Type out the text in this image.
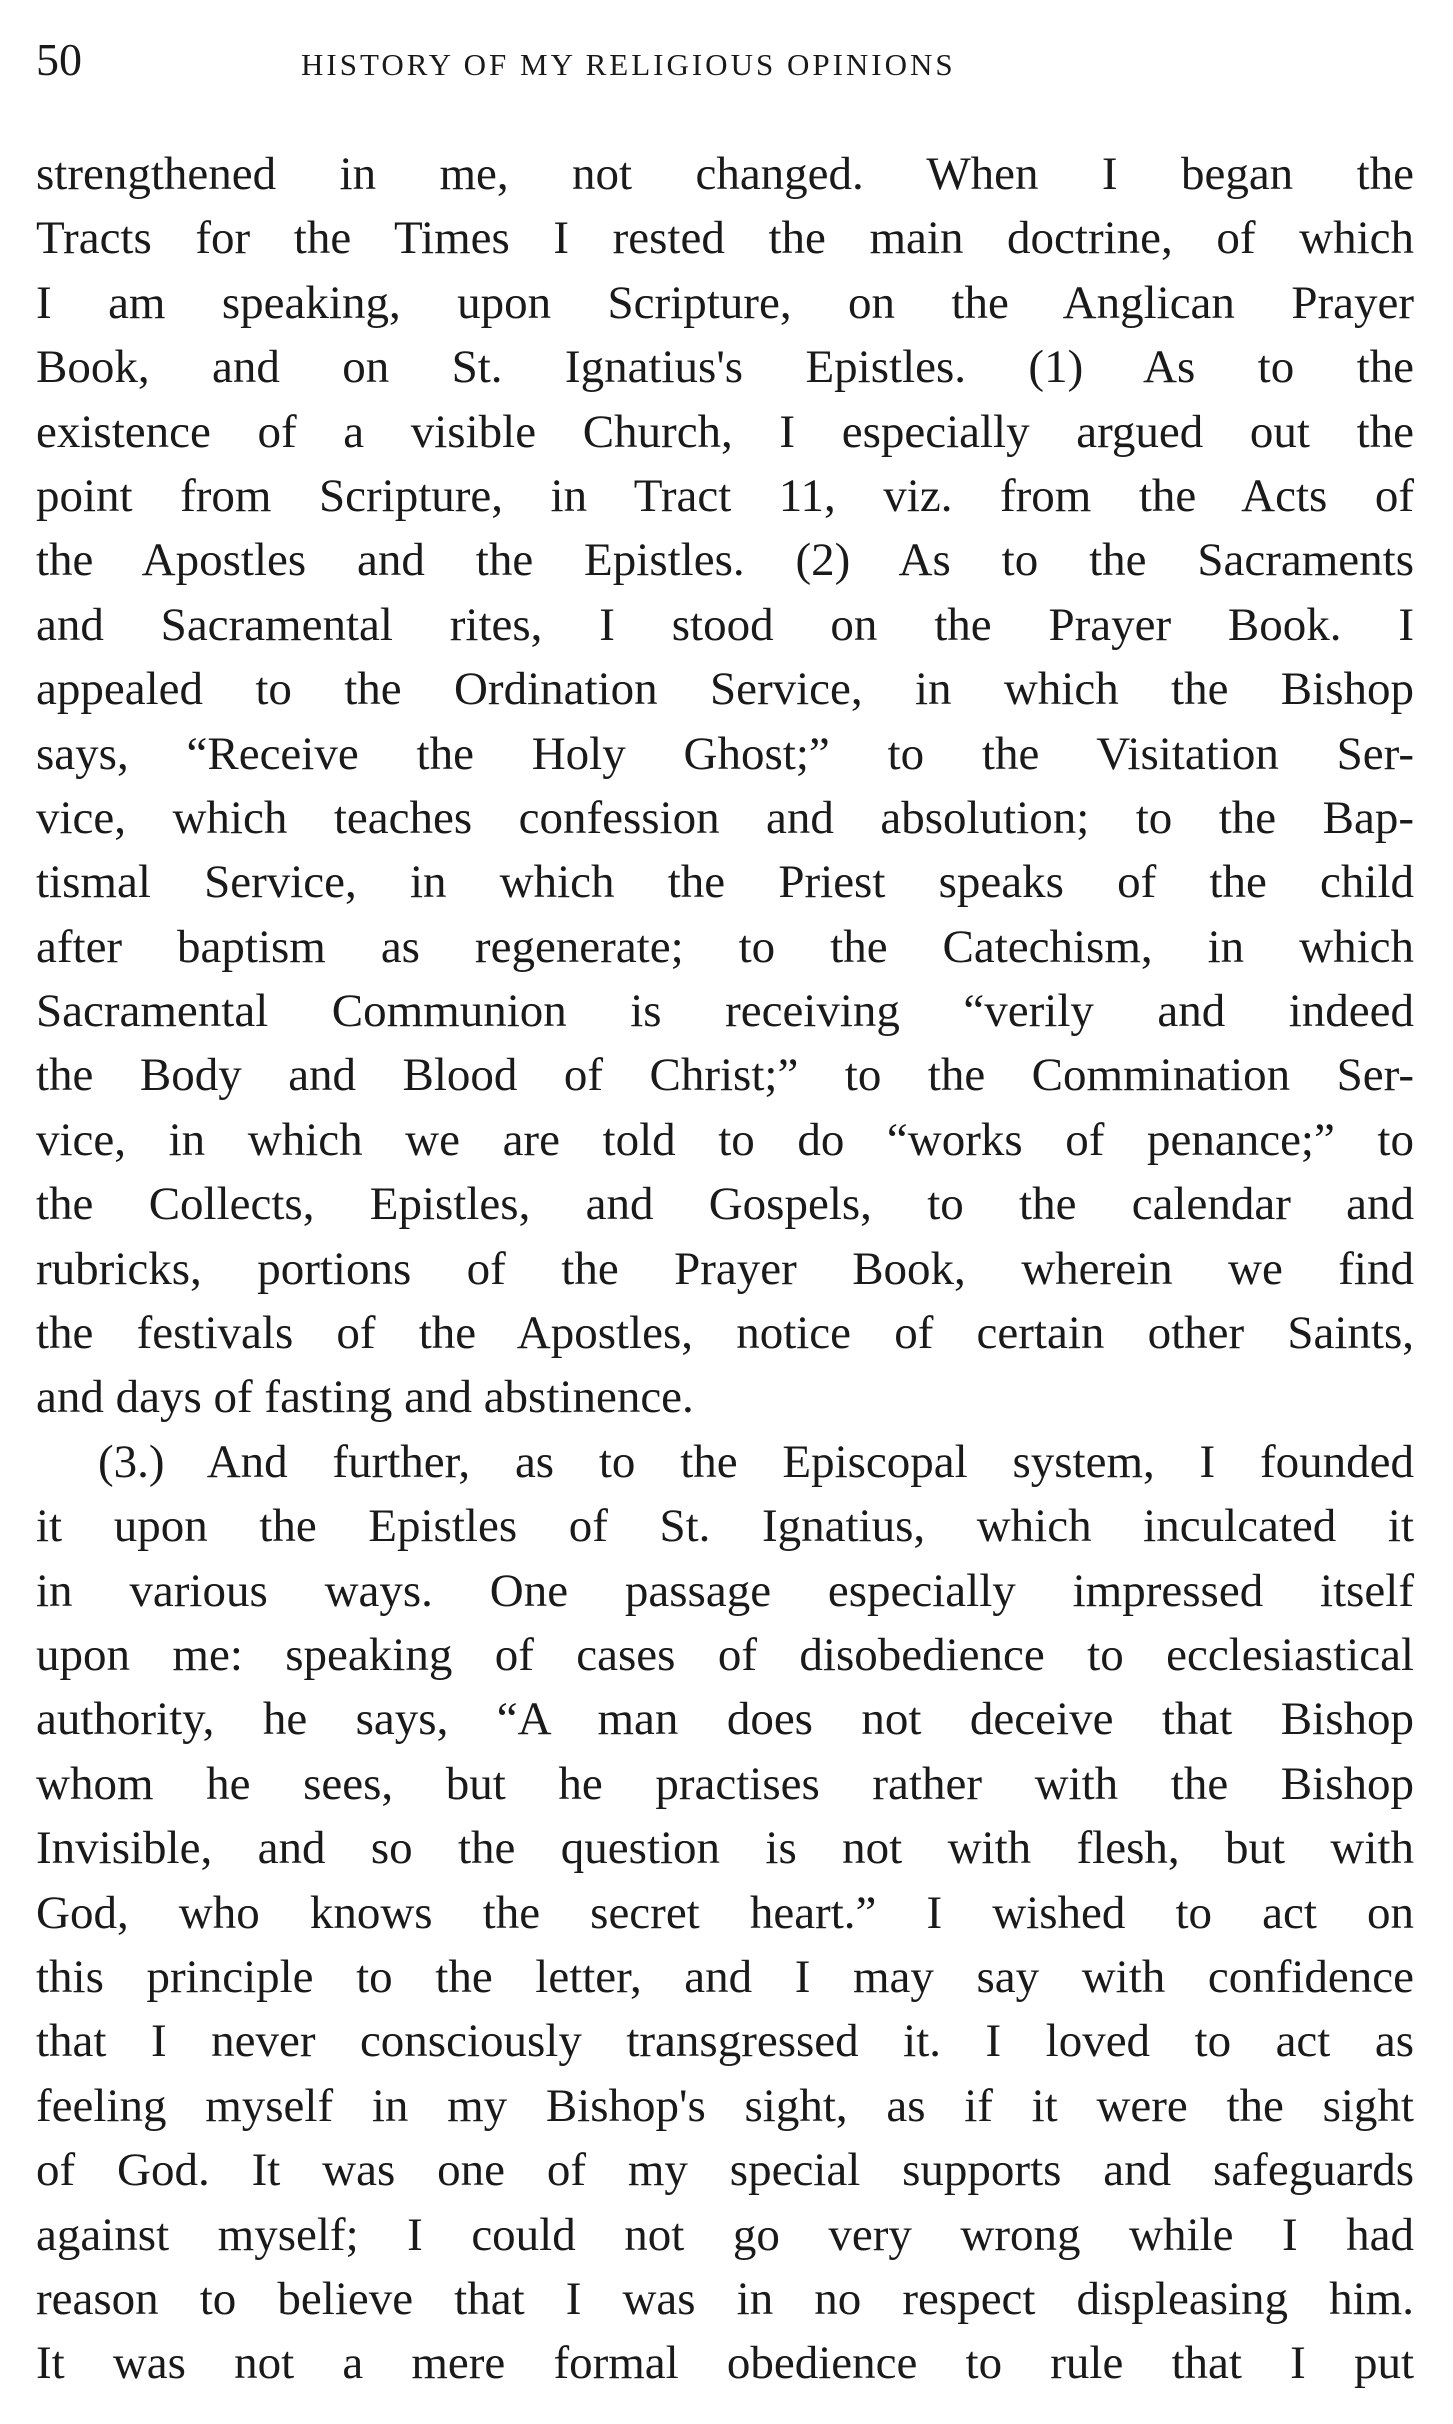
50	HISTORY OF MY RELIGIOUS OPINIONS
strengthened in me, not changed. When I began the
Tracts for the Times I rested the main doctrine, of which
I am speaking, upon Scripture, on the Anglican Prayer
Book, and on St. Ignatius's Epistles. (1) As to the
existence of a visible Church, I especially argued out the
point from Scripture, in Tract 11, viz. from the Acts of
the Apostles and the Epistles. (2) As to the Sacraments
and Sacramental rites, I stood on the Prayer Book. I
appealed to the Ordination Service, in which the Bishop
says, “Receive the Holy Ghost;” to the Visitation Ser-
vice, which teaches confession and absolution; to the Bap-
tismal Service, in which the Priest speaks of the child
after baptism as regenerate; to the Catechism, in which
Sacramental Communion is receiving “verily and indeed
the Body and Blood of Christ;” to the Commination Ser-
vice, in which we are told to do “works of penance;” to
the Collects, Epistles, and Gospels, to the calendar and
rubricks, portions of the Prayer Book, wherein we find
the festivals of the Apostles, notice of certain other Saints,
and days of fasting and abstinence.
(3.) And further, as to the Episcopal system, I founded
it upon the Epistles of St. Ignatius, which inculcated it
in various ways. One passage especially impressed itself
upon me: speaking of cases of disobedience to ecclesiastical
authority, he says, “A man does not deceive that Bishop
whom he sees, but he practises rather with the Bishop
Invisible, and so the question is not with flesh, but with
God, who knows the secret heart.” I wished to act on
this principle to the letter, and I may say with confidence
that I never consciously transgressed it. I loved to act as
feeling myself in my Bishop's sight, as if it were the sight
of God. It was one of my special supports and safeguards
against myself; I could not go very wrong while I had
reason to believe that I was in no respect displeasing him.
It was not a mere formal obedience to rule that I put
